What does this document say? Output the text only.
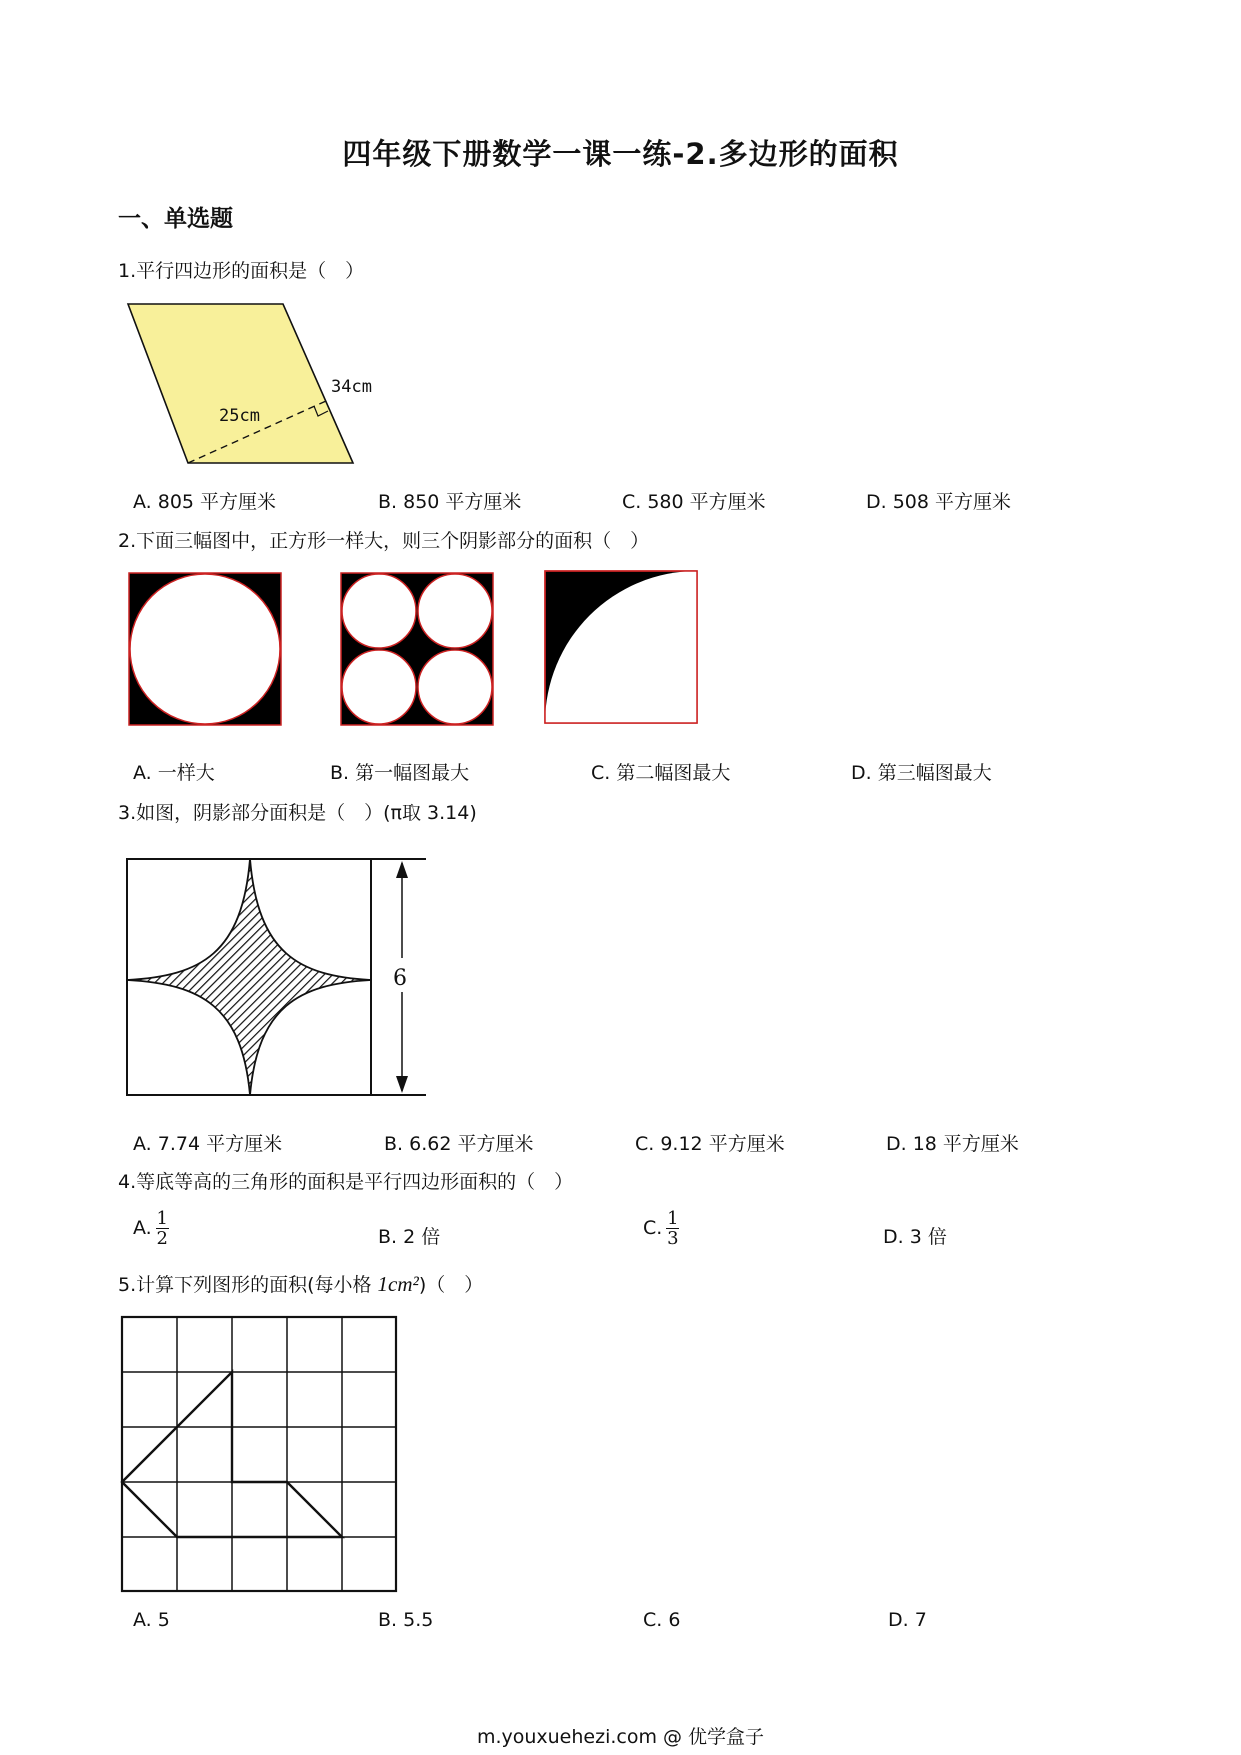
四年级下册数学一课一练-2.多边形的面积
一、单选题
1.平行四边形的面积是（　）
34cm
25cm
A. 805 平方厘米	B. 850 平方厘米	C. 580 平方厘米	D. 508 平方厘米
2.下面三幅图中，正方形一样大，则三个阴影部分的面积（　）
A. 一样大	B. 第一幅图最大	C. 第二幅图最大	D. 第三幅图最大
3.如图，阴影部分面积是（　）(π取 3.14)
6
A. 7.74 平方厘米	B. 6.62 平方厘米	C. 9.12 平方厘米	D. 18 平方厘米
4.等底等高的三角形的面积是平行四边形面积的（　）
A. $\frac{1}{2}$	B. 2 倍	C. $\frac{1}{3}$	D. 3 倍
5.计算下列图形的面积(每小格 1cm²)（　）
A. 5	B. 5.5	C. 6	D. 7
m.youxuehezi.com @ 优学盒子
